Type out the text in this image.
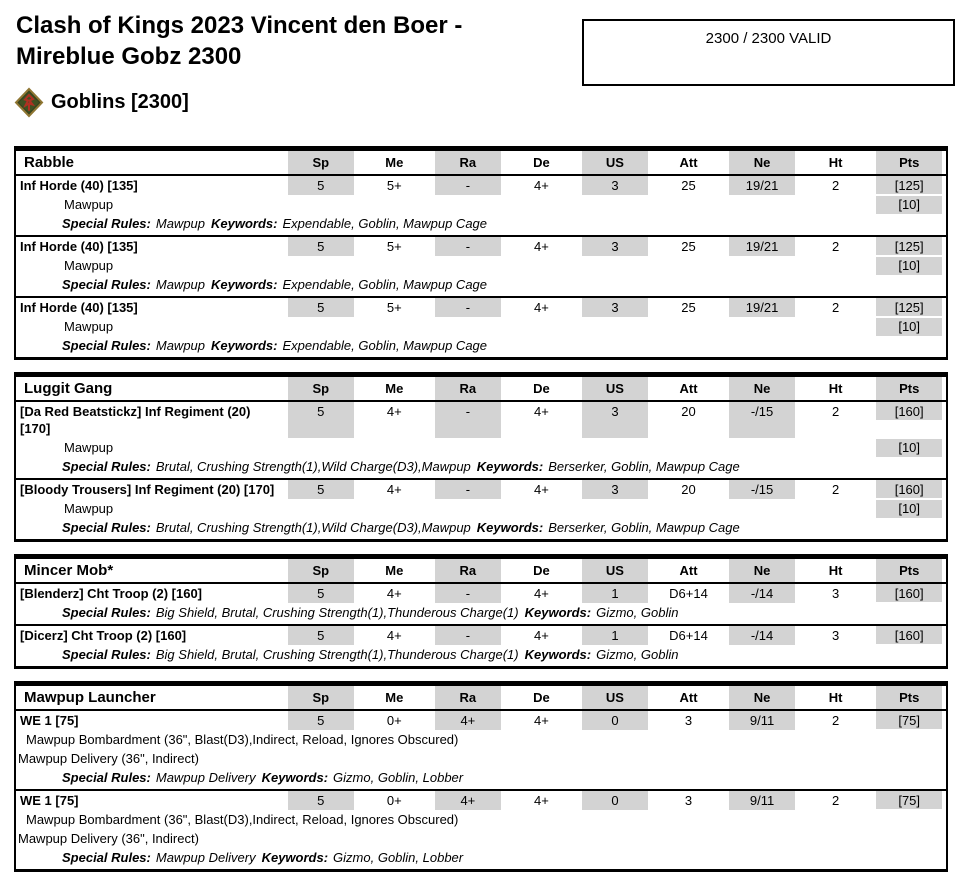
Clash of Kings 2023 Vincent den Boer - Mireblue Gobz 2300
2300 / 2300 VALID
Goblins [2300]
Rabble	Sp	Me	Ra	De	US	Att	Ne	Ht	Pts
Inf Horde (40) [135]	5	5+	-	4+	3	25	19/21	2	[125]
Mawpup									[10]
Special Rules: Mawpup Keywords: Expendable, Goblin, Mawpup Cage									
Inf Horde (40) [135]	5	5+	-	4+	3	25	19/21	2	[125]
Mawpup									[10]
Special Rules: Mawpup Keywords: Expendable, Goblin, Mawpup Cage									
Inf Horde (40) [135]	5	5+	-	4+	3	25	19/21	2	[125]
Mawpup									[10]
Special Rules: Mawpup Keywords: Expendable, Goblin, Mawpup Cage									
Luggit Gang	Sp	Me	Ra	De	US	Att	Ne	Ht	Pts
[Da Red Beatstickz] Inf Regiment (20) [170]	5	4+	-	4+	3	20	-/15	2	[160]
Mawpup									[10]
Special Rules: Brutal, Crushing Strength(1),Wild Charge(D3),Mawpup Keywords: Berserker, Goblin, Mawpup Cage									
[Bloody Trousers] Inf Regiment (20) [170]	5	4+	-	4+	3	20	-/15	2	[160]
Mawpup									[10]
Special Rules: Brutal, Crushing Strength(1),Wild Charge(D3),Mawpup Keywords: Berserker, Goblin, Mawpup Cage									
Mincer Mob*	Sp	Me	Ra	De	US	Att	Ne	Ht	Pts
[Blenderz] Cht Troop (2) [160]	5	4+	-	4+	1	D6+14	-/14	3	[160]
Special Rules: Big Shield, Brutal, Crushing Strength(1),Thunderous Charge(1) Keywords: Gizmo, Goblin									
[Dicerz] Cht Troop (2) [160]	5	4+	-	4+	1	D6+14	-/14	3	[160]
Special Rules: Big Shield, Brutal, Crushing Strength(1),Thunderous Charge(1) Keywords: Gizmo, Goblin									
Mawpup Launcher	Sp	Me	Ra	De	US	Att	Ne	Ht	Pts
WE 1 [75]	5	0+	4+	4+	0	3	9/11	2	[75]
Mawpup Bombardment (36", Blast(D3),Indirect, Reload, Ignores Obscured)									
Mawpup Delivery (36", Indirect)									
Special Rules: Mawpup Delivery Keywords: Gizmo, Goblin, Lobber									
WE 1 [75]	5	0+	4+	4+	0	3	9/11	2	[75]
Mawpup Bombardment (36", Blast(D3),Indirect, Reload, Ignores Obscured)									
Mawpup Delivery (36", Indirect)									
Special Rules: Mawpup Delivery Keywords: Gizmo, Goblin, Lobber									
